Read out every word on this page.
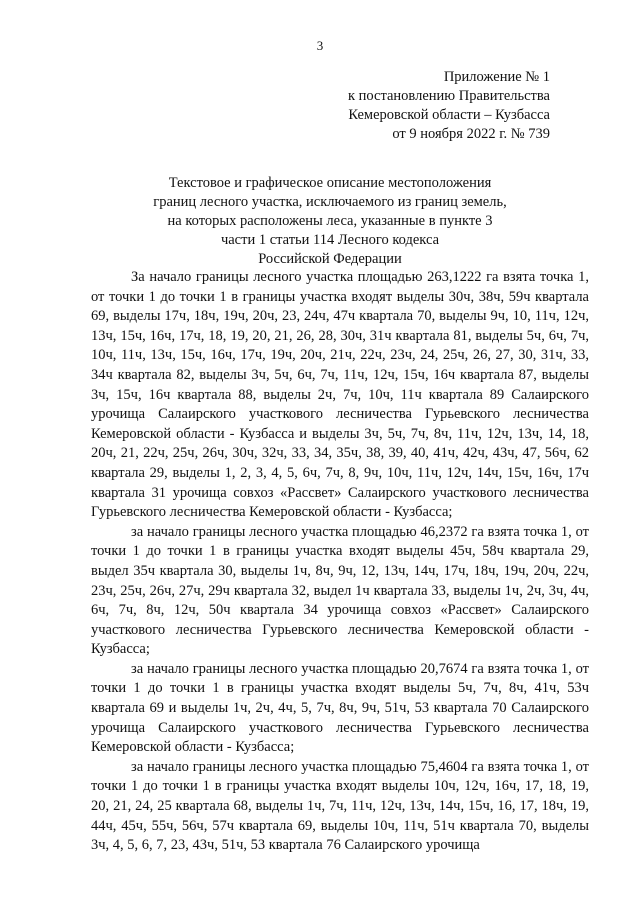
3
Приложение № 1
к постановлению Правительства
Кемеровской области – Кузбасса
от 9 ноября 2022 г. № 739
Текстовое и графическое описание местоположения
границ лесного участка, исключаемого из границ земель,
на которых расположены леса, указанные в пункте 3
части 1 статьи 114 Лесного кодекса
Российской Федерации

За начало границы лесного участка площадью 263,1222 га взята точка 1, от точки 1 до точки 1 в границы участка входят выделы 30ч, 38ч, 59ч квартала 69, выделы 17ч, 18ч, 19ч, 20ч, 23, 24ч, 47ч квартала 70, выделы 9ч, 10, 11ч, 12ч, 13ч, 15ч, 16ч, 17ч, 18, 19, 20, 21, 26, 28, 30ч, 31ч квартала 81, выделы 5ч, 6ч, 7ч, 10ч, 11ч, 13ч, 15ч, 16ч, 17ч, 19ч, 20ч, 21ч, 22ч, 23ч, 24, 25ч, 26, 27, 30, 31ч, 33, 34ч квартала 82, выделы 3ч, 5ч, 6ч, 7ч, 11ч, 12ч, 15ч, 16ч квартала 87, выделы 3ч, 15ч, 16ч квартала 88, выделы 2ч, 7ч, 10ч, 11ч квартала 89 Салаирского урочища Салаирского участкового лесничества Гурьевского лесничества Кемеровской области - Кузбасса и выделы 3ч, 5ч, 7ч, 8ч, 11ч, 12ч, 13ч, 14, 18, 20ч, 21, 22ч, 25ч, 26ч, 30ч, 32ч, 33, 34, 35ч, 38, 39, 40, 41ч, 42ч, 43ч, 47, 56ч, 62 квартала 29, выделы 1, 2, 3, 4, 5, 6ч, 7ч, 8, 9ч, 10ч, 11ч, 12ч, 14ч, 15ч, 16ч, 17ч квартала 31 урочища совхоз «Рассвет» Салаирского участкового лесничества Гурьевского лесничества Кемеровской области - Кузбасса;

за начало границы лесного участка площадью 46,2372 га взята точка 1, от точки 1 до точки 1 в границы участка входят выделы 45ч, 58ч квартала 29, выдел 35ч квартала 30, выделы 1ч, 8ч, 9ч, 12, 13ч, 14ч, 17ч, 18ч, 19ч, 20ч, 22ч, 23ч, 25ч, 26ч, 27ч, 29ч квартала 32, выдел 1ч квартала 33, выделы 1ч, 2ч, 3ч, 4ч, 6ч, 7ч, 8ч, 12ч, 50ч квартала 34 урочища совхоз «Рассвет» Салаирского участкового лесничества Гурьевского лесничества Кемеровской области - Кузбасса;

за начало границы лесного участка площадью 20,7674 га взята точка 1, от точки 1 до точки 1 в границы участка входят выделы 5ч, 7ч, 8ч, 41ч, 53ч квартала 69 и выделы 1ч, 2ч, 4ч, 5, 7ч, 8ч, 9ч, 51ч, 53 квартала 70 Салаирского урочища Салаирского участкового лесничества Гурьевского лесничества Кемеровской области - Кузбасса;

за начало границы лесного участка площадью 75,4604 га взята точка 1, от точки 1 до точки 1 в границы участка входят выделы 10ч, 12ч, 16ч, 17, 18, 19, 20, 21, 24, 25 квартала 68, выделы 1ч, 7ч, 11ч, 12ч, 13ч, 14ч, 15ч, 16, 17, 18ч, 19, 44ч, 45ч, 55ч, 56ч, 57ч квартала 69, выделы 10ч, 11ч, 51ч квартала 70, выделы 3ч, 4, 5, 6, 7, 23, 43ч, 51ч, 53 квартала 76 Салаирского урочища
